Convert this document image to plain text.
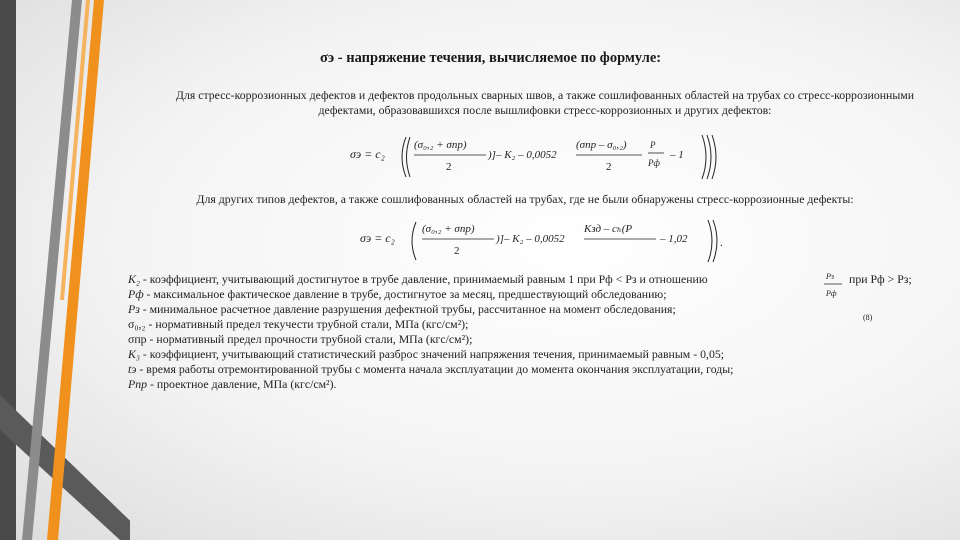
σэ - напряжение течения, вычисляемое по формуле:
Для стресс-коррозионных дефектов и дефектов продольных сварных швов, а также сошлифованных областей на трубах со стресс-коррозионными дефектами, образовавшихся после вышлифовки стресс-коррозионных и других дефектов:
σэ = c₂
(σ₀,₂ + σпр)
2
)]– K₂ – 0,0052
(σпр – σ₀,₂)
2
P
Pф
– 1
Для других типов дефектов, а также сошлифованных областей на трубах, где не были обнаружены стресс-коррозионные дефекты:
σэ = c₂
(σ₀,₂ + σпр)
2
)]– K₂ – 0,0052
Kзд – cₕ(P
– 1,02	.
K₂ - коэффициент, учитывающий достигнутое в трубе давление, принимаемый равным 1 при Pф < Pз и отношению
Pф - максимальное фактическое давление в трубе, достигнутое за месяц, предшествующий обследованию;
Pз - минимальное расчетное давление разрушения дефектной трубы, рассчитанное на момент обследования;
σ₀,₂ - нормативный предел текучести трубной стали, МПа (кгс/см²);
σпр - нормативный предел прочности трубной стали, МПа (кгс/см²);
K₃ - коэффициент, учитывающий статистический разброс значений напряжения течения, принимаемый равным - 0,05;
tэ - время работы отремонтированной трубы с момента начала эксплуатации до момента окончания эксплуатации, годы;
Pпр - проектное давление, МПа (кгс/см²).
Pз
Pф
при Pф > Pз;
(8)
